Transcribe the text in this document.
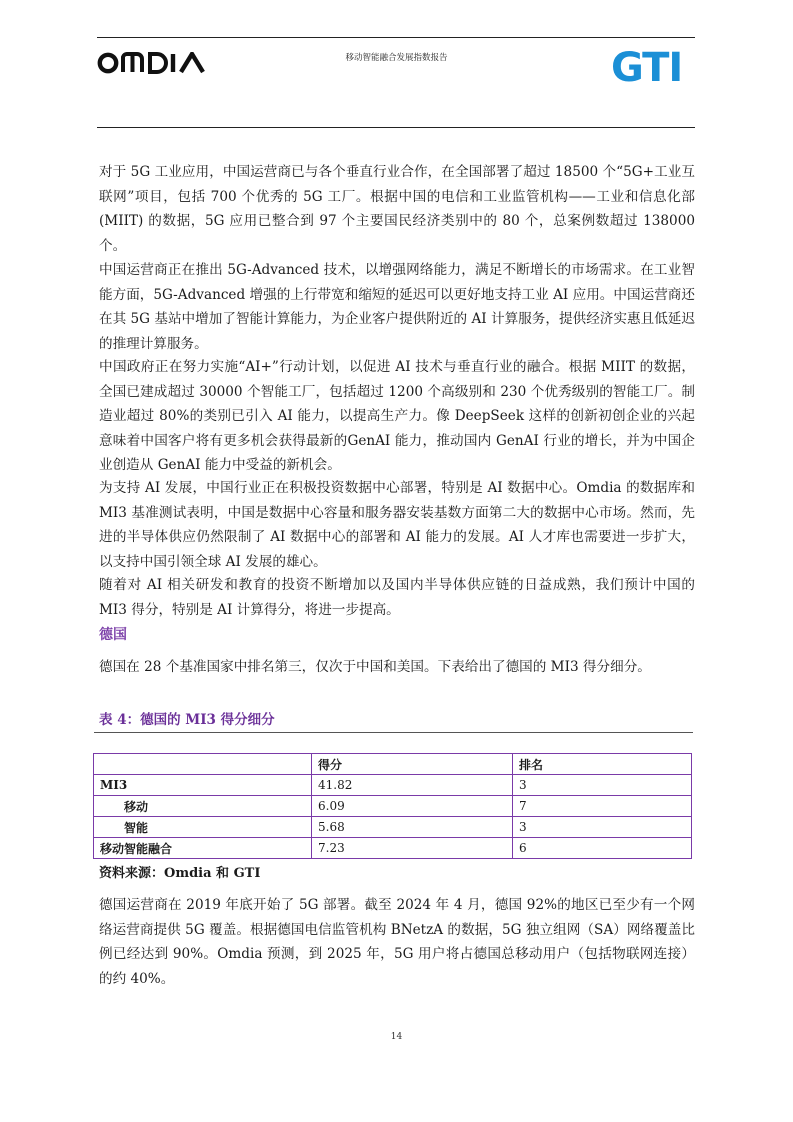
移动智能融合发展指数报告	GTI

对于 5G 工业应用，中国运营商已与各个垂直行业合作，在全国部署了超过 18500 个“5G+工业互联网”项目，包括 700 个优秀的 5G 工厂。根据中国的电信和工业监管机构——工业和信息化部 (MIIT) 的数据，5G 应用已整合到 97 个主要国民经济类别中的 80 个，总案例数超过 138000 个。

中国运营商正在推出 5G-Advanced 技术，以增强网络能力，满足不断增长的市场需求。在工业智能方面，5G-Advanced 增强的上行带宽和缩短的延迟可以更好地支持工业 AI 应用。中国运营商还在其 5G 基站中增加了智能计算能力，为企业客户提供附近的 AI 计算服务，提供经济实惠且低延迟的推理计算服务。

中国政府正在努力实施“AI+”行动计划，以促进 AI 技术与垂直行业的融合。根据 MIIT 的数据，全国已建成超过 30000 个智能工厂，包括超过 1200 个高级别和 230 个优秀级别的智能工厂。制造业超过 80%的类别已引入 AI 能力，以提高生产力。像 DeepSeek 这样的创新初创企业的兴起意味着中国客户将有更多机会获得最新的GenAI 能力，推动国内 GenAI 行业的增长，并为中国企业创造从 GenAI 能力中受益的新机会。

为支持 AI 发展，中国行业正在积极投资数据中心部署，特别是 AI 数据中心。Omdia 的数据库和 MI3 基准测试表明，中国是数据中心容量和服务器安装基数方面第二大的数据中心市场。然而，先进的半导体供应仍然限制了 AI 数据中心的部署和 AI 能力的发展。AI 人才库也需要进一步扩大，以支持中国引领全球 AI 发展的雄心。

随着对 AI 相关研发和教育的投资不断增加以及国内半导体供应链的日益成熟，我们预计中国的 MI3 得分，特别是 AI 计算得分，将进一步提高。

德国

德国在 28 个基准国家中排名第三，仅次于中国和美国。下表给出了德国的 MI3 得分细分。

表 4：德国的 MI3 得分细分
	得分	排名
MI3	41.82	3
移动	6.09	7
智能	5.68	3
移动智能融合	7.23	6
资料来源：Omdia 和 GTI

德国运营商在 2019 年底开始了 5G 部署。截至 2024 年 4 月，德国 92%的地区已至少有一个网络运营商提供 5G 覆盖。根据德国电信监管机构 BNetzA 的数据，5G 独立组网（SA）网络覆盖比例已经达到 90%。Omdia 预测，到 2025 年，5G 用户将占德国总移动用户（包括物联网连接）的约 40%。

14
